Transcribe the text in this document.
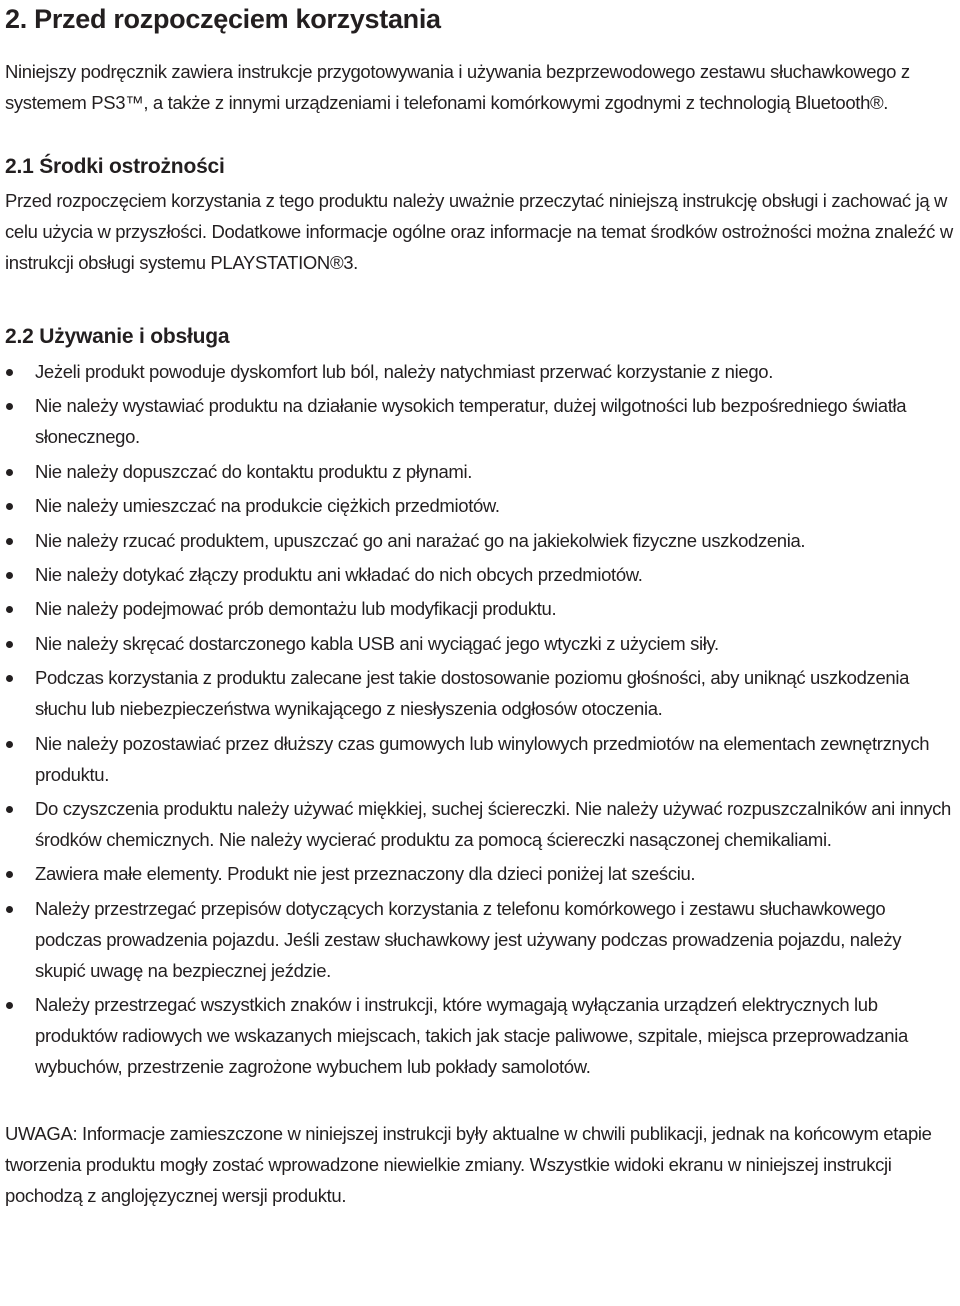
2. Przed rozpoczęciem korzystania

Niniejszy podręcznik zawiera instrukcje przygotowywania i używania bezprzewodowego zestawu słuchawkowego z systemem PS3™, a także z innymi urządzeniami i telefonami komórkowymi zgodnymi z technologią Bluetooth®.

2.1 Środki ostrożności

Przed rozpoczęciem korzystania z tego produktu należy uważnie przeczytać niniejszą instrukcję obsługi i zachować ją w celu użycia w przyszłości. Dodatkowe informacje ogólne oraz informacje na temat środków ostrożności można znaleźć w instrukcji obsługi systemu PLAYSTATION®3.

2.2 Używanie i obsługa
Jeżeli produkt powoduje dyskomfort lub ból, należy natychmiast przerwać korzystanie z niego.
Nie należy wystawiać produktu na działanie wysokich temperatur, dużej wilgotności lub bezpośredniego światła słonecznego.
Nie należy dopuszczać do kontaktu produktu z płynami.
Nie należy umieszczać na produkcie ciężkich przedmiotów.
Nie należy rzucać produktem, upuszczać go ani narażać go na jakiekolwiek fizyczne uszkodzenia.
Nie należy dotykać złączy produktu ani wkładać do nich obcych przedmiotów.
Nie należy podejmować prób demontażu lub modyfikacji produktu.
Nie należy skręcać dostarczonego kabla USB ani wyciągać jego wtyczki z użyciem siły.
Podczas korzystania z produktu zalecane jest takie dostosowanie poziomu głośności, aby uniknąć uszkodzenia słuchu lub niebezpieczeństwa wynikającego z niesłyszenia odgłosów otoczenia.
Nie należy pozostawiać przez dłuższy czas gumowych lub winylowych przedmiotów na elementach zewnętrznych produktu.
Do czyszczenia produktu należy używać miękkiej, suchej ściereczki. Nie należy używać rozpuszczalników ani innych środków chemicznych. Nie należy wycierać produktu za pomocą ściereczki nasączonej chemikaliami.
Zawiera małe elementy. Produkt nie jest przeznaczony dla dzieci poniżej lat sześciu.
Należy przestrzegać przepisów dotyczących korzystania z telefonu komórkowego i zestawu słuchawkowego podczas prowadzenia pojazdu. Jeśli zestaw słuchawkowy jest używany podczas prowadzenia pojazdu, należy skupić uwagę na bezpiecznej jeździe.
Należy przestrzegać wszystkich znaków i instrukcji, które wymagają wyłączania urządzeń elektrycznych lub produktów radiowych we wskazanych miejscach, takich jak stacje paliwowe, szpitale, miejsca przeprowadzania wybuchów, przestrzenie zagrożone wybuchem lub pokłady samolotów.

UWAGA: Informacje zamieszczone w niniejszej instrukcji były aktualne w chwili publikacji, jednak na końcowym etapie tworzenia produktu mogły zostać wprowadzone niewielkie zmiany. Wszystkie widoki ekranu w niniejszej instrukcji pochodzą z anglojęzycznej wersji produktu.
